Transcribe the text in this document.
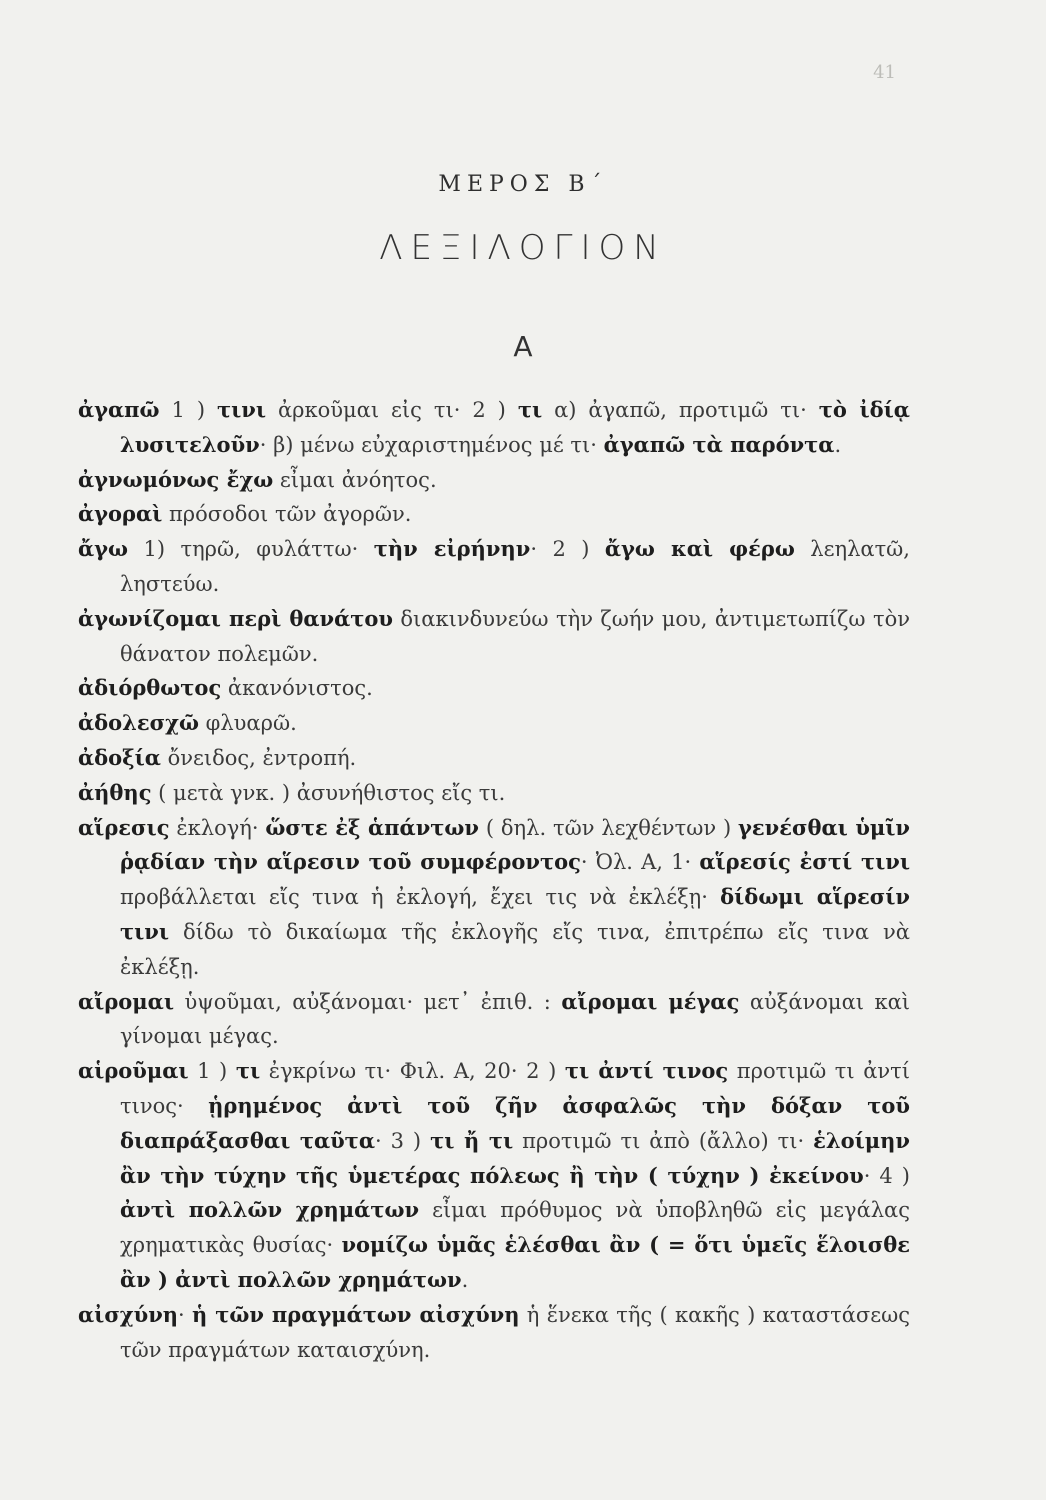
41
ΜΕΡΟΣ Β΄
ΛΕΞΙΛΟΓΙΟΝ
Α
ἀγαπῶ 1 ) τινι ἀρκοῦμαι εἰς τι· 2 ) τι α) ἀγαπῶ, προτιμῶ τι· τὸ ἰδίᾳ λυσιτελοῦν· β) μένω εὐχαριστημένος μέ τι· ἀγαπῶ τὰ παρόντα.
ἀγνωμόνως ἔχω εἶμαι ἀνόητος.
ἀγοραὶ πρόσοδοι τῶν ἀγορῶν.
ἄγω 1) τηρῶ, φυλάττω· τὴν εἰρήνην· 2 ) ἄγω καὶ φέρω λεηλατῶ, ληστεύω.
ἀγωνίζομαι περὶ θανάτου διακινδυνεύω τὴν ζωήν μου, ἀντιμετωπίζω τὸν θάνατον πολεμῶν.
ἀδιόρθωτος ἀκανόνιστος.
ἀδολεσχῶ φλυαρῶ.
ἀδοξία ὄνειδος, ἐντροπή.
ἀήθης ( μετὰ γνκ. ) ἀσυνήθιστος εἴς τι.
αἵρεσις ἐκλογή· ὥστε ἐξ ἁπάντων ( δηλ. τῶν λεχθέντων ) γενέσθαι ὑμῖν ῥᾳδίαν τὴν αἵρεσιν τοῦ συμφέροντος· Ὀλ. Α, 1· αἵρεσίς ἐστί τινι προβάλλεται εἴς τινα ἡ ἐκλογή, ἔχει τις νὰ ἐκλέξῃ· δίδωμι αἵρεσίν τινι δίδω τὸ δικαίωμα τῆς ἐκλογῆς εἴς τινα, ἐπιτρέπω εἴς τινα νὰ ἐκλέξῃ.
αἴρομαι ὑψοῦμαι, αὐξάνομαι· μετ᾽ ἐπιθ. : αἴρομαι μέγας αὐξάνομαι καὶ γίνομαι μέγας.
αἱροῦμαι 1 ) τι ἐγκρίνω τι· Φιλ. Α, 20· 2 ) τι ἀντί τινος προτιμῶ τι ἀντί τινος· ᾑρημένος ἀντὶ τοῦ ζῆν ἀσφαλῶς τὴν δόξαν τοῦ διαπράξασθαι ταῦτα· 3 ) τι ἤ τι προτιμῶ τι ἀπὸ (ἄλλο) τι· ἑλοίμην ἂν τὴν τύχην τῆς ὑμετέρας πόλεως ἢ τὴν ( τύχην ) ἐκείνου· 4 ) ἀντὶ πολλῶν χρημάτων εἶμαι πρόθυμος νὰ ὑποβληθῶ εἰς μεγάλας χρηματικὰς θυσίας· νομίζω ὑμᾶς ἑλέσθαι ἂν ( = ὅτι ὑμεῖς ἕλοισθε ἂν ) ἀντὶ πολλῶν χρημάτων.
αἰσχύνη· ἡ τῶν πραγμάτων αἰσχύνη ἡ ἕνεκα τῆς ( κακῆς ) καταστάσεως τῶν πραγμάτων καταισχύνη.
